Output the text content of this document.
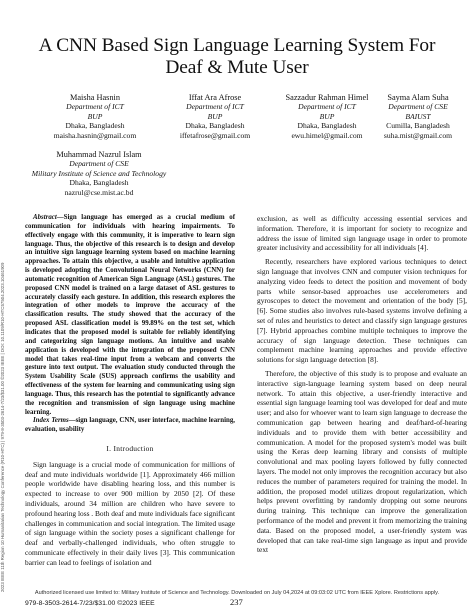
2023 IEEE 11th Region 10 Humanitarian Technology Conference (R10-HTC) | 979-8-3503-2614-7/23/$31.00 ©2023 IEEE | DOI: 10.1109/R10-HTC57504.2023.10461909
A CNN Based Sign Language Learning System For
Deaf & Mute User
Maisha Hasnin
Department of ICT
BUP
Dhaka, Bangladesh
maisha.hasnin@gmail.com
Iffat Ara Afrose
Department of ICT
BUP
Dhaka, Bangladesh
iffetafrose@gmail.com
Sazzadur Rahman Himel
Department of ICT
BUP
Dhaka, Bangladesh
ewu.himel@gmail.com
Sayma Alam Suha
Department of CSE
BAIUST
Cumilla, Bangladesh
suha.mist@gmail.com
Muhammad Nazrul Islam
Department of CSE
Military Institute of Science and Technology
Dhaka, Bangladesh
nazrul@cse.mist.ac.bd

Abstract—Sign language has emerged as a crucial medium of communication for individuals with hearing impairments. To effectively engage with this community, it is imperative to learn sign language. Thus, the objective of this research is to design and develop an intuitive sign language learning system based on machine learning approaches. To attain this objective, a usable and intuitive application is developed adopting the Convolutional Neural Networks (CNN) for automatic recognition of American Sign Language (ASL) gestures. The proposed CNN model is trained on a large dataset of ASL gestures to accurately classify each gesture. In addition, this research explores the integration of other models to improve the accuracy of the classification results. The study showed that the accuracy of the proposed ASL classification model is 99.89% on the test set, which indicates that the proposed model is suitable for reliably identifying and categorizing sign language motions. An intuitive and usable application is developed with the integration of the proposed CNN model that takes real-time input from a webcam and converts the gesture into text output. The evaluation study conducted through the System Usability Scale (SUS) approach confirms the usability and effectiveness of the system for learning and communicating using sign language. Thus, this research has the potential to significantly advance the recognition and transmission of sign language using machine learning.

Index Terms—sign language, CNN, user interface, machine learning, evaluation, usability

I. Introduction

Sign language is a crucial mode of communication for millions of deaf and mute individuals worldwide [1]. Approximately 466 million people worldwide have disabling hearing loss, and this number is expected to increase to over 900 million by 2050 [2]. Of these individuals, around 34 million are children who have severe to profound hearing loss . Both deaf and mute individuals face significant challenges in communication and social integration. The limited usage of sign language within the society poses a significant challenge for deaf and verbally-challenged individuals, who often struggle to communicate effectively in their daily lives [3]. This communication barrier can lead to feelings of isolation and

exclusion, as well as difficulty accessing essential services and information. Therefore, it is important for society to recognize and address the issue of limited sign language usage in order to promote greater inclusivity and accessibility for all individuals [4].

Recently, researchers have explored various techniques to detect sign language that involves CNN and computer vision techniques for analyzing video feeds to detect the position and movement of body parts while sensor-based approaches use accelerometers and gyroscopes to detect the movement and orientation of the body [5], [6]. Some studies also involves rule-based systems involve defining a set of rules and heuristics to detect and classify sign language gestures [7]. Hybrid approaches combine multiple techniques to improve the accuracy of sign language detection. These techniques can complement machine learning approaches and provide effective solutions for sign language detection [8].

Therefore, the objective of this study is to propose and evaluate an interactive sign-language learning system based on deep neural network. To attain this objective, a user-friendly interactive and essential sign language learning tool was developed for deaf and mute user; and also for whoever want to learn sign language to decrease the communication gap between hearing and deaf/hard-of-hearing individuals and to provide them with better accessibility and communication. A model for the proposed system's model was built using the Keras deep learning library and consists of multiple convolutional and max pooling layers followed by fully connected layers. The model not only improves the recognition accuracy but also reduces the number of parameters required for training the model. In addition, the proposed model utilizes dropout regularization, which helps prevent overfitting by randomly dropping out some neurons during training. This technique can improve the generalization performance of the model and prevent it from memorizing the training data. Based on the proposed model, a user-friendly system was developed that can take real-time sign language as input and provide text

Authorized licensed use limited to: Military Institute of Science and Technology. Downloaded on July 04,2024 at 09:03:02 UTC from IEEE Xplore. Restrictions apply.
979-8-3503-2614-7/23/$31.00 ©2023 IEEE	237
